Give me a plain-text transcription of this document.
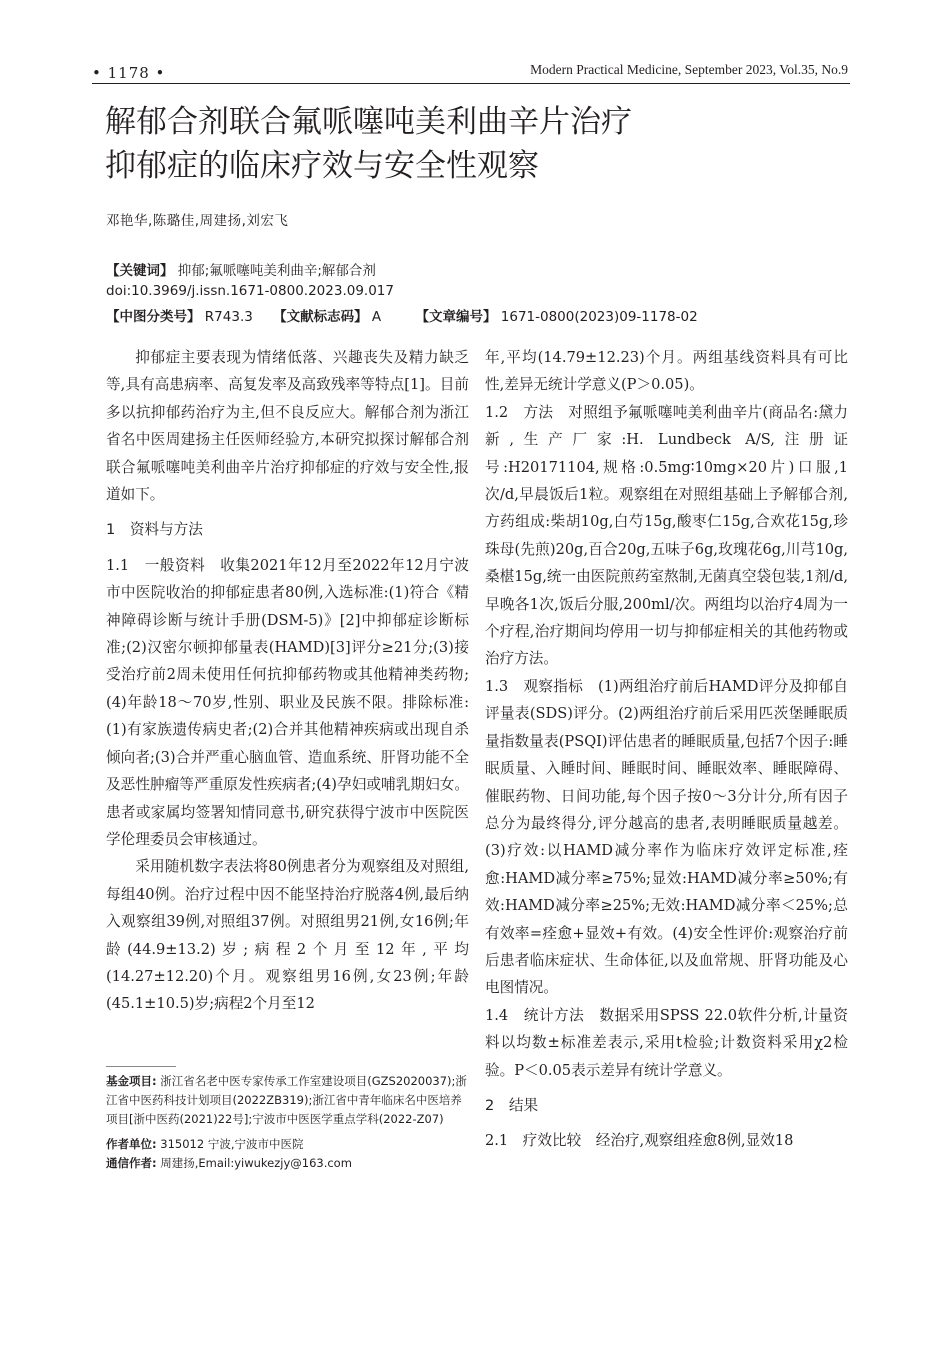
• 1178 •	Modern Practical Medicine, September 2023, Vol.35, No.9
解郁合剂联合氟哌噻吨美利曲辛片治疗
抑郁症的临床疗效与安全性观察
邓艳华,陈璐佳,周建扬,刘宏飞
【关键词】 抑郁;氟哌噻吨美利曲辛;解郁合剂
doi:10.3969/j.issn.1671-0800.2023.09.017
【中图分类号】 R743.3 【文献标志码】 A	【文章编号】 1671-0800(2023)09-1178-02

抑郁症主要表现为情绪低落、兴趣丧失及精力缺乏等,具有高患病率、高复发率及高致残率等特点[1]。目前多以抗抑郁药治疗为主,但不良反应大。解郁合剂为浙江省名中医周建扬主任医师经验方,本研究拟探讨解郁合剂联合氟哌噻吨美利曲辛片治疗抑郁症的疗效与安全性,报道如下。

1　资料与方法

1.1　一般资料　收集2021年12月至2022年12月宁波市中医院收治的抑郁症患者80例,入选标准:(1)符合《精神障碍诊断与统计手册(DSM-5)》[2]中抑郁症诊断标准;(2)汉密尔顿抑郁量表(HAMD)[3]评分≥21分;(3)接受治疗前2周未使用任何抗抑郁药物或其他精神类药物;(4)年龄18～70岁,性别、职业及民族不限。排除标准:(1)有家族遗传病史者;(2)合并其他精神疾病或出现自杀倾向者;(3)合并严重心脑血管、造血系统、肝肾功能不全及恶性肿瘤等严重原发性疾病者;(4)孕妇或哺乳期妇女。患者或家属均签署知情同意书,研究获得宁波市中医院医学伦理委员会审核通过。

采用随机数字表法将80例患者分为观察组及对照组,每组40例。治疗过程中因不能坚持治疗脱落4例,最后纳入观察组39例,对照组37例。对照组男21例,女16例;年龄(44.9±13.2)岁;病程2个月至12年,平均(14.27±12.20)个月。观察组男16例,女23例;年龄(45.1±10.5)岁;病程2个月至12

基金项目: 浙江省名老中医专家传承工作室建设项目(GZS2020037);浙江省中医药科技计划项目(2022ZB319);浙江省中青年临床名中医培养项目[浙中医药(2021)22号];宁波市中医医学重点学科(2022-Z07)

作者单位: 315012 宁波,宁波市中医院

通信作者: 周建扬,Email:yiwukezjy@163.com

年,平均(14.79±12.23)个月。两组基线资料具有可比性,差异无统计学意义(P＞0.05)。

1.2　方法　对照组予氟哌噻吨美利曲辛片(商品名:黛力新,生产厂家:H. Lundbeck A/S,注册证号:H20171104,规格:0.5mg∶10mg×20片)口服,1次/d,早晨饭后1粒。观察组在对照组基础上予解郁合剂,方药组成:柴胡10g,白芍15g,酸枣仁15g,合欢花15g,珍珠母(先煎)20g,百合20g,五味子6g,玫瑰花6g,川芎10g,桑椹15g,统一由医院煎药室熬制,无菌真空袋包装,1剂/d,早晚各1次,饭后分服,200ml/次。两组均以治疗4周为一个疗程,治疗期间均停用一切与抑郁症相关的其他药物或治疗方法。

1.3　观察指标　(1)两组治疗前后HAMD评分及抑郁自评量表(SDS)评分。(2)两组治疗前后采用匹茨堡睡眠质量指数量表(PSQI)评估患者的睡眠质量,包括7个因子:睡眠质量、入睡时间、睡眠时间、睡眠效率、睡眠障碍、催眠药物、日间功能,每个因子按0～3分计分,所有因子总分为最终得分,评分越高的患者,表明睡眠质量越差。(3)疗效:以HAMD减分率作为临床疗效评定标准,痊愈:HAMD减分率≥75%;显效:HAMD减分率≥50%;有效:HAMD减分率≥25%;无效:HAMD减分率＜25%;总有效率=痊愈+显效+有效。(4)安全性评价:观察治疗前后患者临床症状、生命体征,以及血常规、肝肾功能及心电图情况。

1.4　统计方法　数据采用SPSS 22.0软件分析,计量资料以均数±标准差表示,采用t检验;计数资料采用χ2检验。P＜0.05表示差异有统计学意义。

2　结果

2.1　疗效比较　经治疗,观察组痊愈8例,显效18
